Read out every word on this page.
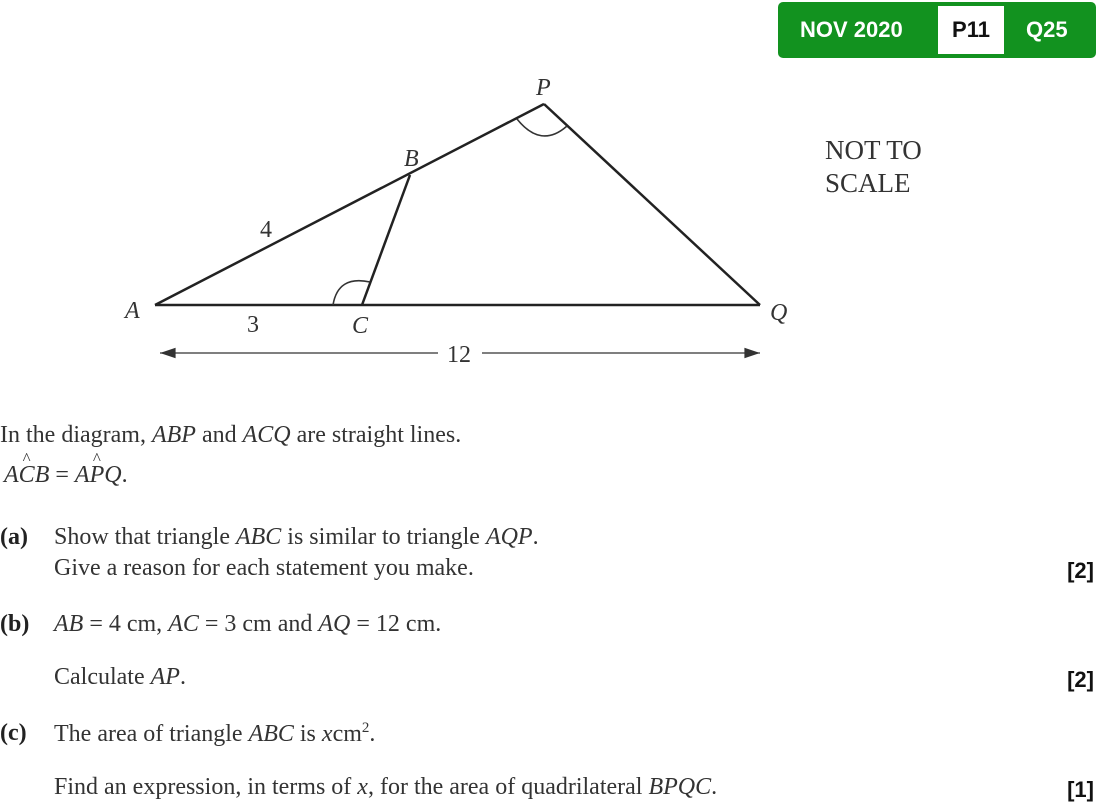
NOV 2020	P11	Q25
P
B
A
C	Q
4
3
12
NOT TO
SCALE
In the diagram, ABP and ACQ are straight lines.
A^ CB = A^ PQ.
(a) Show that triangle ABC is similar to triangle AQP.
Give a reason for each statement you make.	[2]
(b) AB = 4 cm, AC = 3 cm and AQ = 12 cm.
Calculate AP.	[2]
(c) The area of triangle ABC is xcm$^2$.
Find an expression, in terms of x, for the area of quadrilateral BPQC.	[1]
